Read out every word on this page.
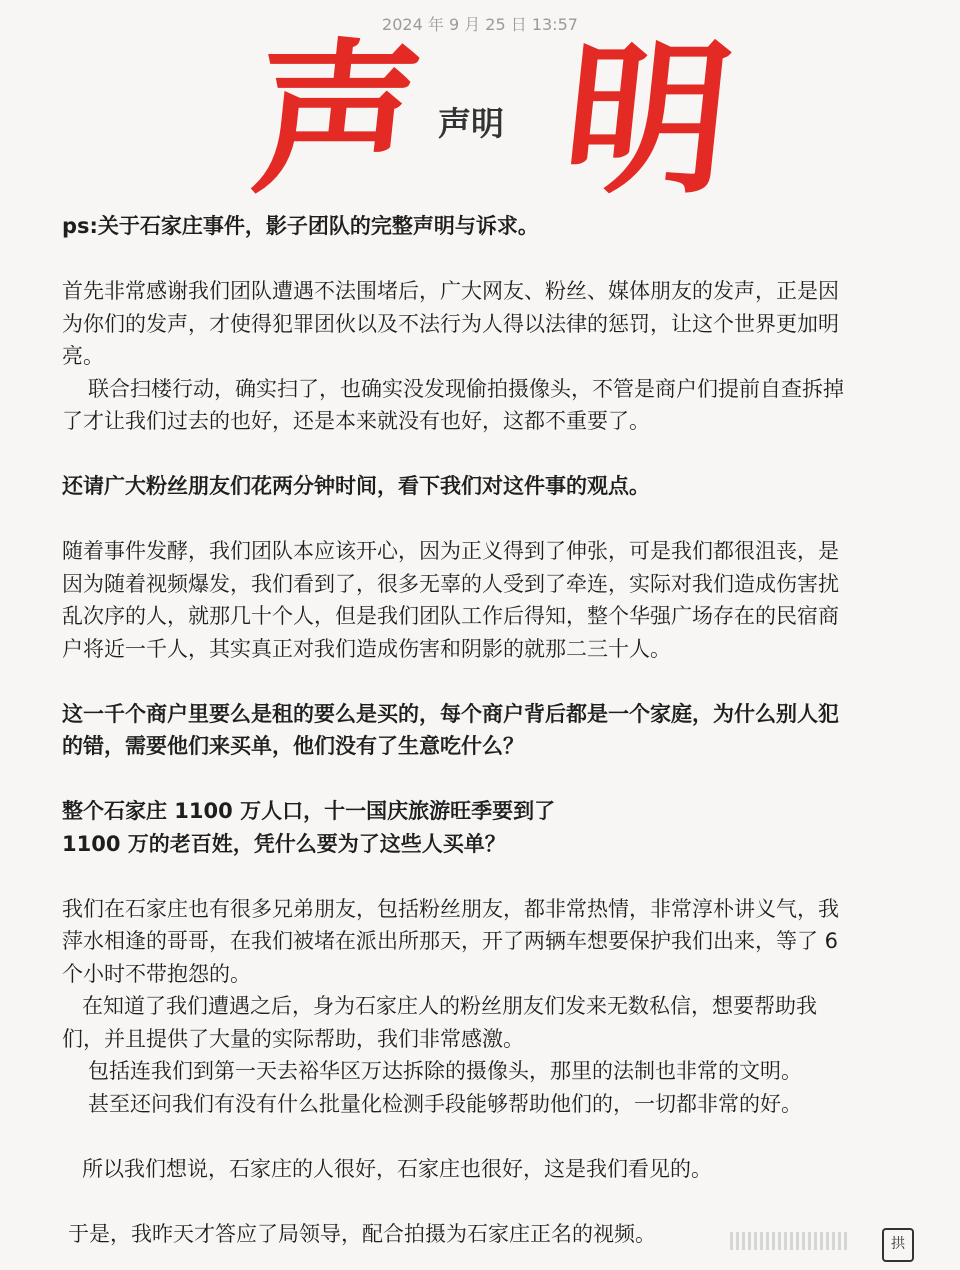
2024 年 9 月 25 日 13:57
声 声明 明

ps:关于石家庄事件，影子团队的完整声明与诉求。

首先非常感谢我们团队遭遇不法围堵后，广大网友、粉丝、媒体朋友的发声，正是因

为你们的发声，才使得犯罪团伙以及不法行为人得以法律的惩罚，让这个世界更加明

亮。

联合扫楼行动，确实扫了，也确实没发现偷拍摄像头，不管是商户们提前自查拆掉

了才让我们过去的也好，还是本来就没有也好，这都不重要了。

还请广大粉丝朋友们花两分钟时间，看下我们对这件事的观点。

随着事件发酵，我们团队本应该开心，因为正义得到了伸张，可是我们都很沮丧，是

因为随着视频爆发，我们看到了，很多无辜的人受到了牵连，实际对我们造成伤害扰

乱次序的人，就那几十个人，但是我们团队工作后得知，整个华强广场存在的民宿商

户将近一千人，其实真正对我们造成伤害和阴影的就那二三十人。

这一千个商户里要么是租的要么是买的，每个商户背后都是一个家庭，为什么别人犯

的错，需要他们来买单，他们没有了生意吃什么？

整个石家庄 1100 万人口，十一国庆旅游旺季要到了

1100 万的老百姓，凭什么要为了这些人买单？

我们在石家庄也有很多兄弟朋友，包括粉丝朋友，都非常热情，非常淳朴讲义气，我

萍水相逢的哥哥，在我们被堵在派出所那天，开了两辆车想要保护我们出来，等了 6

个小时不带抱怨的。

在知道了我们遭遇之后，身为石家庄人的粉丝朋友们发来无数私信，想要帮助我

们，并且提供了大量的实际帮助，我们非常感激。

包括连我们到第一天去裕华区万达拆除的摄像头，那里的法制也非常的文明。

甚至还问我们有没有什么批量化检测手段能够帮助他们的，一切都非常的好。

所以我们想说，石家庄的人很好，石家庄也很好，这是我们看见的。

于是，我昨天才答应了局领导，配合拍摄为石家庄正名的视频。	拱
